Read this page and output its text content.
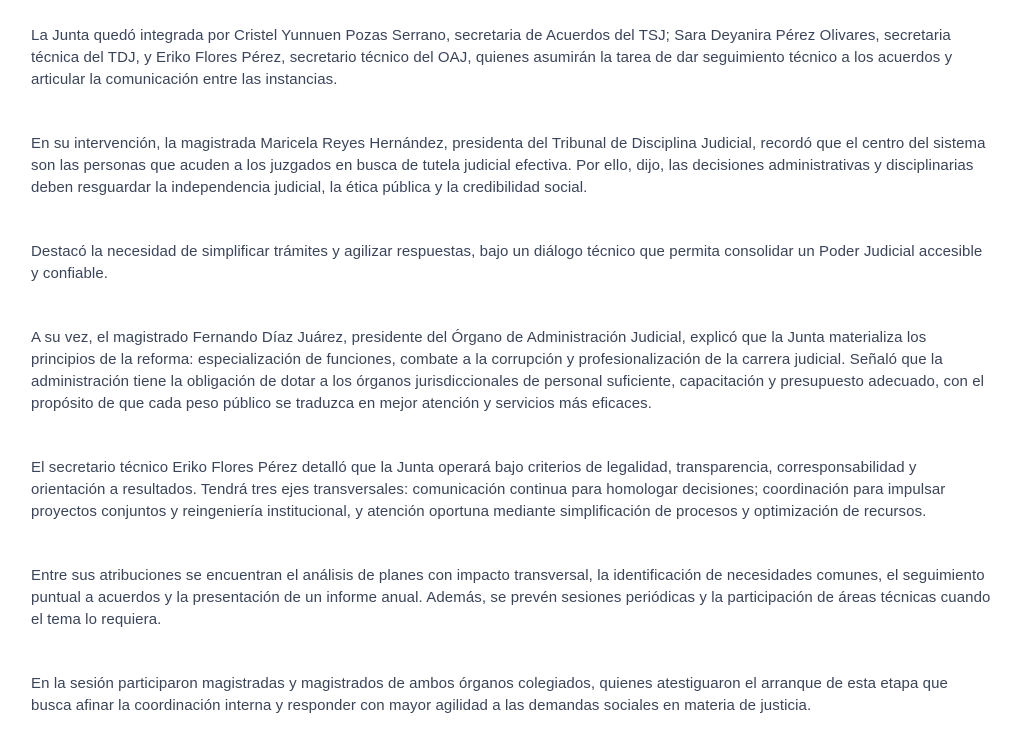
La Junta quedó integrada por Cristel Yunnuen Pozas Serrano, secretaria de Acuerdos del TSJ; Sara Deyanira Pérez Olivares, secretaria técnica del TDJ, y Eriko Flores Pérez, secretario técnico del OAJ, quienes asumirán la tarea de dar seguimiento técnico a los acuerdos y articular la comunicación entre las instancias.

En su intervención, la magistrada Maricela Reyes Hernández, presidenta del Tribunal de Disciplina Judicial, recordó que el centro del sistema son las personas que acuden a los juzgados en busca de tutela judicial efectiva. Por ello, dijo, las decisiones administrativas y disciplinarias deben resguardar la independencia judicial, la ética pública y la credibilidad social.

Destacó la necesidad de simplificar trámites y agilizar respuestas, bajo un diálogo técnico que permita consolidar un Poder Judicial accesible y confiable.

A su vez, el magistrado Fernando Díaz Juárez, presidente del Órgano de Administración Judicial, explicó que la Junta materializa los principios de la reforma: especialización de funciones, combate a la corrupción y profesionalización de la carrera judicial. Señaló que la administración tiene la obligación de dotar a los órganos jurisdiccionales de personal suficiente, capacitación y presupuesto adecuado, con el propósito de que cada peso público se traduzca en mejor atención y servicios más eficaces.

El secretario técnico Eriko Flores Pérez detalló que la Junta operará bajo criterios de legalidad, transparencia, corresponsabilidad y orientación a resultados. Tendrá tres ejes transversales: comunicación continua para homologar decisiones; coordinación para impulsar proyectos conjuntos y reingeniería institucional, y atención oportuna mediante simplificación de procesos y optimización de recursos.

Entre sus atribuciones se encuentran el análisis de planes con impacto transversal, la identificación de necesidades comunes, el seguimiento puntual a acuerdos y la presentación de un informe anual. Además, se prevén sesiones periódicas y la participación de áreas técnicas cuando el tema lo requiera.

En la sesión participaron magistradas y magistrados de ambos órganos colegiados, quienes atestiguaron el arranque de esta etapa que busca afinar la coordinación interna y responder con mayor agilidad a las demandas sociales en materia de justicia.
